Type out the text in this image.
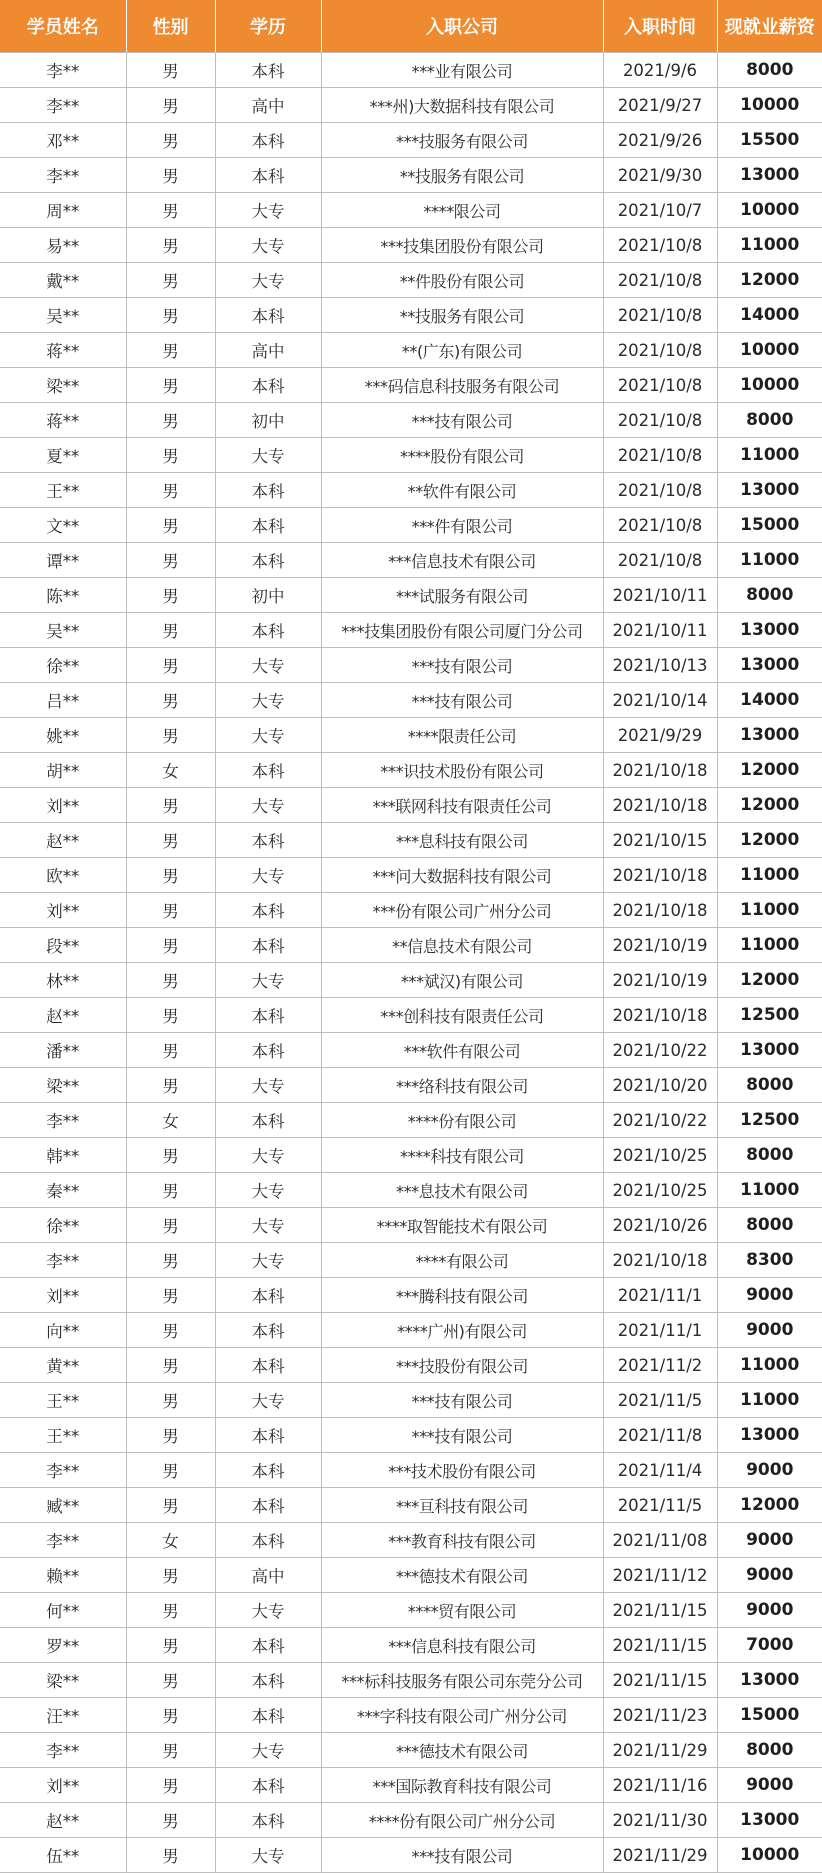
学员姓名	性别	学历	入职公司	入职时间	现就业薪资
李**	男	本科	***业有限公司	2021/9/6	8000
李**	男	高中	***州)大数据科技有限公司	2021/9/27	10000
邓**	男	本科	***技服务有限公司	2021/9/26	15500
李**	男	本科	**技服务有限公司	2021/9/30	13000
周**	男	大专	****限公司	2021/10/7	10000
易**	男	大专	***技集团股份有限公司	2021/10/8	11000
戴**	男	大专	**件股份有限公司	2021/10/8	12000
吴**	男	本科	**技服务有限公司	2021/10/8	14000
蒋**	男	高中	**(广东)有限公司	2021/10/8	10000
梁**	男	本科	***码信息科技服务有限公司	2021/10/8	10000
蒋**	男	初中	***技有限公司	2021/10/8	8000
夏**	男	大专	****股份有限公司	2021/10/8	11000
王**	男	本科	**软件有限公司	2021/10/8	13000
文**	男	本科	***件有限公司	2021/10/8	15000
谭**	男	本科	***信息技术有限公司	2021/10/8	11000
陈**	男	初中	***试服务有限公司	2021/10/11	8000
吴**	男	本科	***技集团股份有限公司厦门分公司	2021/10/11	13000
徐**	男	大专	***技有限公司	2021/10/13	13000
吕**	男	大专	***技有限公司	2021/10/14	14000
姚**	男	大专	****限责任公司	2021/9/29	13000
胡**	女	本科	***识技术股份有限公司	2021/10/18	12000
刘**	男	大专	***联网科技有限责任公司	2021/10/18	12000
赵**	男	本科	***息科技有限公司	2021/10/15	12000
欧**	男	大专	***问大数据科技有限公司	2021/10/18	11000
刘**	男	本科	***份有限公司广州分公司	2021/10/18	11000
段**	男	本科	**信息技术有限公司	2021/10/19	11000
林**	男	大专	***斌汉)有限公司	2021/10/19	12000
赵**	男	本科	***创科技有限责任公司	2021/10/18	12500
潘**	男	本科	***软件有限公司	2021/10/22	13000
梁**	男	大专	***络科技有限公司	2021/10/20	8000
李**	女	本科	****份有限公司	2021/10/22	12500
韩**	男	大专	****科技有限公司	2021/10/25	8000
秦**	男	大专	***息技术有限公司	2021/10/25	11000
徐**	男	大专	****取智能技术有限公司	2021/10/26	8000
李**	男	大专	****有限公司	2021/10/18	8300
刘**	男	本科	***腾科技有限公司	2021/11/1	9000
向**	男	本科	****广州)有限公司	2021/11/1	9000
黄**	男	本科	***技股份有限公司	2021/11/2	11000
王**	男	大专	***技有限公司	2021/11/5	11000
王**	男	本科	***技有限公司	2021/11/8	13000
李**	男	本科	***技术股份有限公司	2021/11/4	9000
臧**	男	本科	***亘科技有限公司	2021/11/5	12000
李**	女	本科	***教育科技有限公司	2021/11/08	9000
赖**	男	高中	***德技术有限公司	2021/11/12	9000
何**	男	大专	****贸有限公司	2021/11/15	9000
罗**	男	本科	***信息科技有限公司	2021/11/15	7000
梁**	男	本科	***标科技服务有限公司东莞分公司	2021/11/15	13000
汪**	男	本科	***字科技有限公司广州分公司	2021/11/23	15000
李**	男	大专	***德技术有限公司	2021/11/29	8000
刘**	男	本科	***国际教育科技有限公司	2021/11/16	9000
赵**	男	本科	****份有限公司广州分公司	2021/11/30	13000
伍**	男	大专	***技有限公司	2021/11/29	10000
